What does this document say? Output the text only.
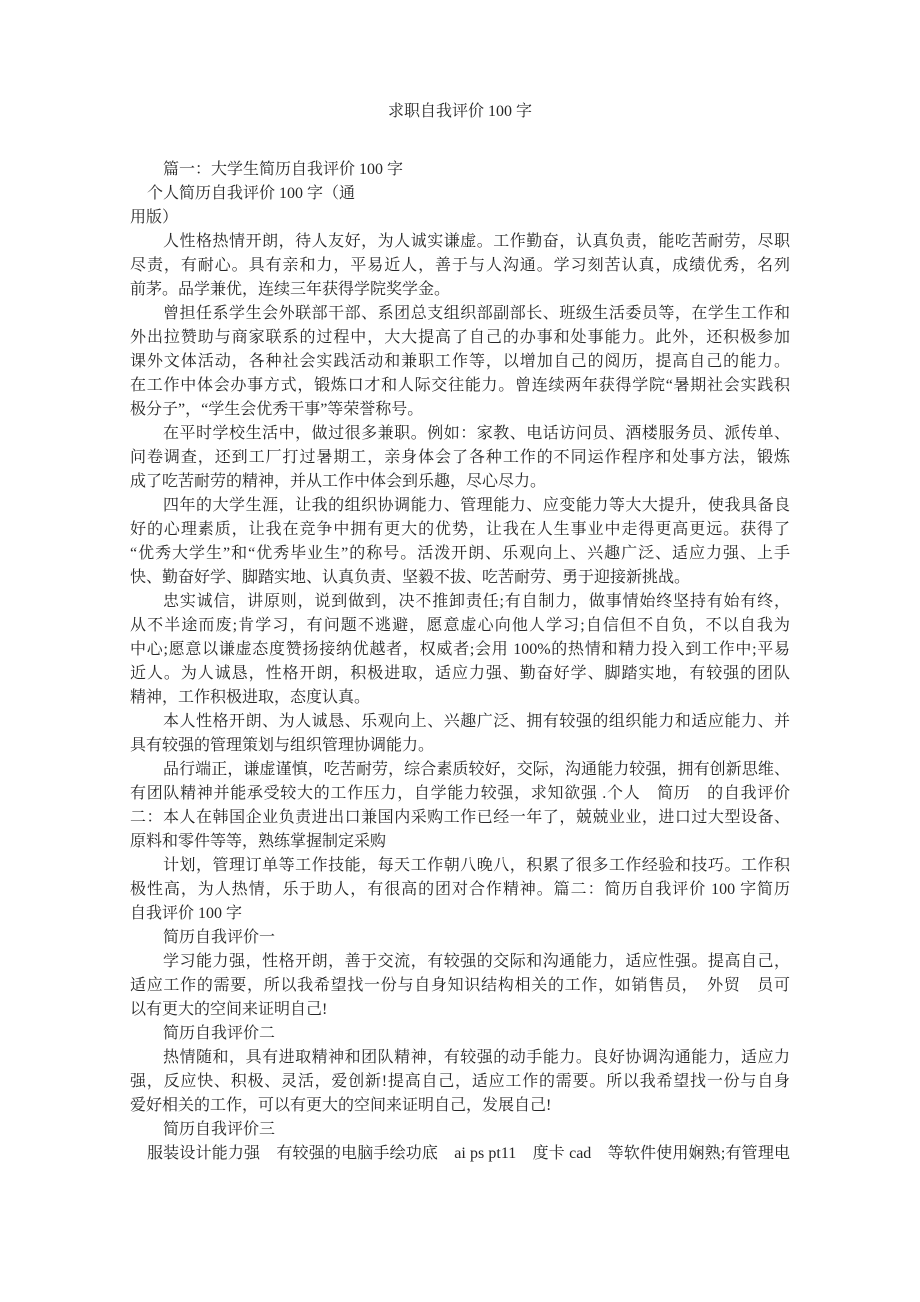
求职自我评价 100 字
篇一：大学生简历自我评价 100 字
个人简历自我评价 100 字（通
用版）
人性格热情开朗，待人友好，为人诚实谦虚。工作勤奋，认真负责，能吃苦耐劳，尽职
尽责，有耐心。具有亲和力，平易近人，善于与人沟通。学习刻苦认真，成绩优秀，名列
前茅。品学兼优，连续三年获得学院奖学金。
曾担任系学生会外联部干部、系团总支组织部副部长、班级生活委员等，在学生工作和
外出拉赞助与商家联系的过程中，大大提高了自己的办事和处事能力。此外，还积极参加
课外文体活动，各种社会实践活动和兼职工作等，以增加自己的阅历，提高自己的能力。
在工作中体会办事方式，锻炼口才和人际交往能力。曾连续两年获得学院“暑期社会实践积
极分子”，“学生会优秀干事”等荣誉称号。
在平时学校生活中，做过很多兼职。例如：家教、电话访问员、酒楼服务员、派传单、
问卷调查，还到工厂打过暑期工，亲身体会了各种工作的不同运作程序和处事方法，锻炼
成了吃苦耐劳的精神，并从工作中体会到乐趣，尽心尽力。
四年的大学生涯，让我的组织协调能力、管理能力、应变能力等大大提升，使我具备良
好的心理素质，让我在竞争中拥有更大的优势，让我在人生事业中走得更高更远。获得了
“优秀大学生”和“优秀毕业生”的称号。活泼开朗、乐观向上、兴趣广泛、适应力强、上手
快、勤奋好学、脚踏实地、认真负责、坚毅不拔、吃苦耐劳、勇于迎接新挑战。
忠实诚信，讲原则，说到做到，决不推卸责任;有自制力，做事情始终坚持有始有终，
从不半途而废;肯学习，有问题不逃避，愿意虚心向他人学习;自信但不自负，不以自我为
中心;愿意以谦虚态度赞扬接纳优越者，权威者;会用 100%的热情和精力投入到工作中;平易
近人。为人诚恳，性格开朗，积极进取，适应力强、勤奋好学、脚踏实地，有较强的团队
精神，工作积极进取，态度认真。
本人性格开朗、为人诚恳、乐观向上、兴趣广泛、拥有较强的组织能力和适应能力、并
具有较强的管理策划与组织管理协调能力。
品行端正，谦虚谨慎，吃苦耐劳，综合素质较好，交际，沟通能力较强，拥有创新思维、
有团队精神并能承受较大的工作压力，自学能力较强，求知欲强 .个人　简历　的自我评价
二：本人在韩国企业负责进出口兼国内采购工作已经一年了，兢兢业业，进口过大型设备、
原料和零件等等，熟练掌握制定采购
计划，管理订单等工作技能，每天工作朝八晚八，积累了很多工作经验和技巧。工作积
极性高，为人热情，乐于助人，有很高的团对合作精神。篇二：简历自我评价 100 字简历
自我评价 100 字
简历自我评价一
学习能力强，性格开朗，善于交流，有较强的交际和沟通能力，适应性强。提高自己，
适应工作的需要，所以我希望找一份与自身知识结构相关的工作，如销售员，　外贸　员可
以有更大的空间来证明自己!
简历自我评价二
热情随和，具有进取精神和团队精神，有较强的动手能力。良好协调沟通能力，适应力
强，反应快、积极、灵活，爱创新!提高自己，适应工作的需要。所以我希望找一份与自身
爱好相关的工作，可以有更大的空间来证明自己，发展自己!
简历自我评价三
服装设计能力强　有较强的电脑手绘功底　ai ps pt11　度卡 cad　等软件使用娴熟;有管理电
